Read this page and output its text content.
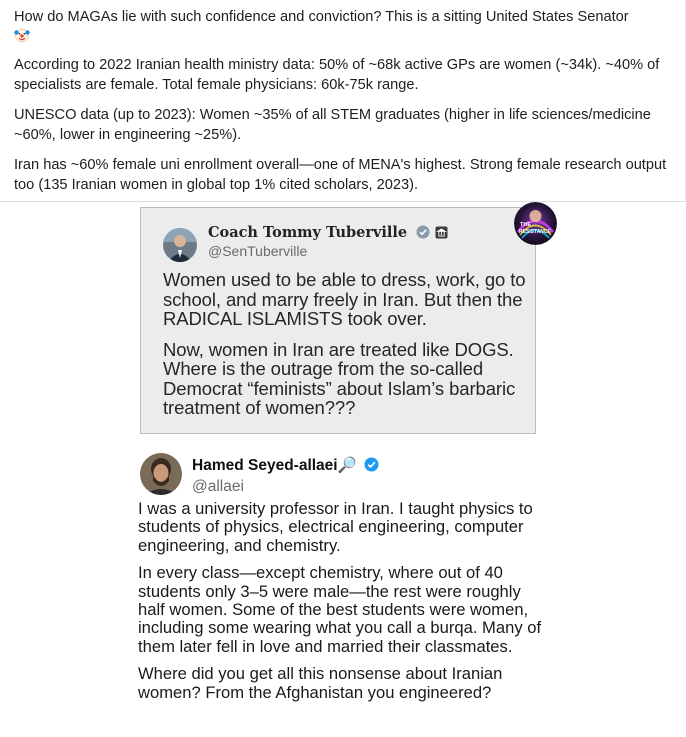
How do MAGAs lie with such confidence and conviction? This is a sitting United States Senator

According to 2022 Iranian health ministry data: 50% of ~68k active GPs are women (~34k). ~40% of specialists are female. Total female physicians: 60k-75k range.

UNESCO data (up to 2023): Women ~35% of all STEM graduates (higher in life sciences/medicine ~60%, lower in engineering ~25%).

Iran has ~60% female uni enrollment overall—one of MENA's highest. Strong female research output too (135 Iranian women in global top 1% cited scholars, 2023).

Coach Tommy Tuberville
@SenTuberville

Women used to be able to dress, work, go to school, and marry freely in Iran. But then the RADICAL ISLAMISTS took over.

Now, women in Iran are treated like DOGS. Where is the outrage from the so-called Democrat “feminists” about Islam’s barbaric treatment of women???

THE
RESISTANCE
Hamed Seyed-allaei🔎
@allaei

I was a university professor in Iran. I taught physics to students of physics, electrical engineering, computer engineering, and chemistry.

In every class—except chemistry, where out of 40 students only 3–5 were male—the rest were roughly half women. Some of the best students were women, including some wearing what you call a burqa. Many of them later fell in love and married their classmates.

Where did you get all this nonsense about Iranian women? From the Afghanistan you engineered?
